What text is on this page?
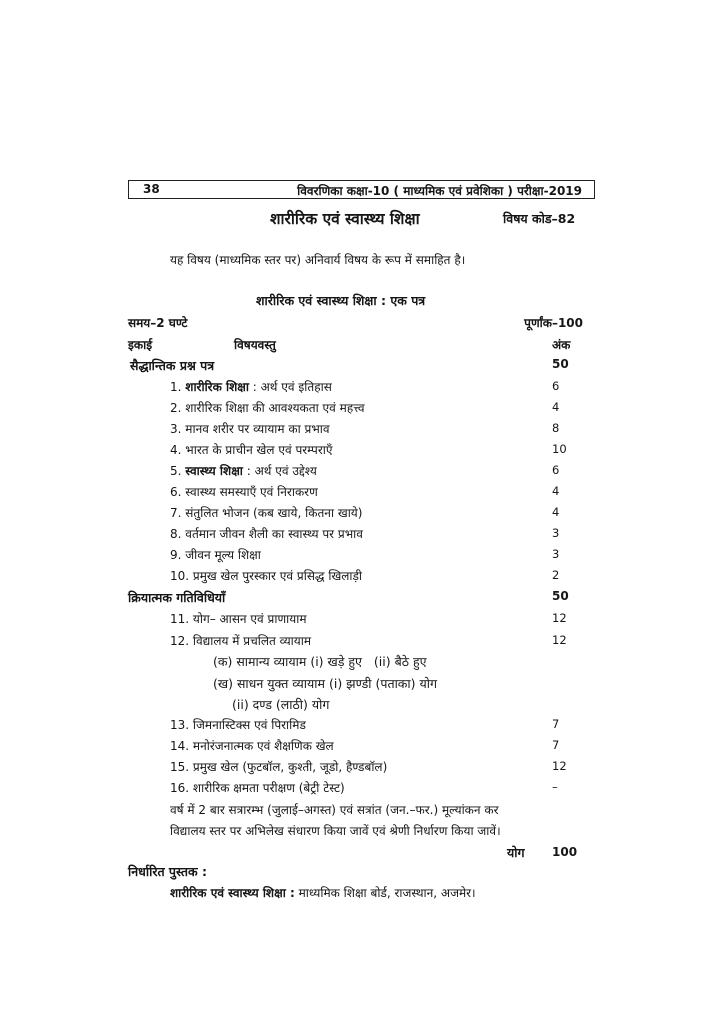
38	विवरणिका कक्षा-10 ( माध्यमिक एवं प्रवेशिका ) परीक्षा-2019
शारीरिक एवं स्वास्थ्य शिक्षा	विषय कोड–82
यह विषय (माध्यमिक स्तर पर) अनिवार्य विषय के रूप में समाहित है।
शारीरिक एवं स्वास्थ्य शिक्षा : एक पत्र
समय–2 घण्टे	पूर्णांक–100
इकाई	विषयवस्तु	अंक
सैद्धान्तिक प्रश्न पत्र	50
1. शारीरिक शिक्षा : अर्थ एवं इतिहास	6
2. शारीरिक शिक्षा की आवश्यकता एवं महत्त्व	4
3. मानव शरीर पर व्यायाम का प्रभाव	8
4. भारत के प्राचीन खेल एवं परम्पराएँ	10
5. स्वास्थ्य शिक्षा : अर्थ एवं उद्देश्य	6
6. स्वास्थ्य समस्याएँ एवं निराकरण	4
7. संतुलित भोजन (कब खाये, कितना खाये)	4
8. वर्तमान जीवन शैली का स्वास्थ्य पर प्रभाव	3
9. जीवन मूल्य शिक्षा	3
10. प्रमुख खेल पुरस्कार एवं प्रसिद्ध खिलाड़ी	2
क्रियात्मक गतिविधियाँ	50
11. योग– आसन एवं प्राणायाम	12
12. विद्यालय में प्रचलित व्यायाम	12
(क) सामान्य व्यायाम (i) खड़े हुए (ii) बैठे हुए
(ख) साधन युक्त व्यायाम (i) झण्डी (पताका) योग
(ii) दण्ड (लाठी) योग
13. जिमनास्टिक्स एवं पिरामिड	7
14. मनोरंजनात्मक एवं शैक्षणिक खेल	7
15. प्रमुख खेल (फुटबॉल, कुश्ती, जूडो, हैण्डबॉल)	12
16. शारीरिक क्षमता परीक्षण (बेट्री टेस्ट)	–
वर्ष में 2 बार सत्रारम्भ (जुलाई–अगस्त) एवं सत्रांत (जन.–फर.) मूल्यांकन कर
विद्यालय स्तर पर अभिलेख संधारण किया जावें एवं श्रेणी निर्धारण किया जावें।
योग 100
निर्धारित पुस्तक :
शारीरिक एवं स्वास्थ्य शिक्षा : माध्यमिक शिक्षा बोर्ड, राजस्थान, अजमेर।
